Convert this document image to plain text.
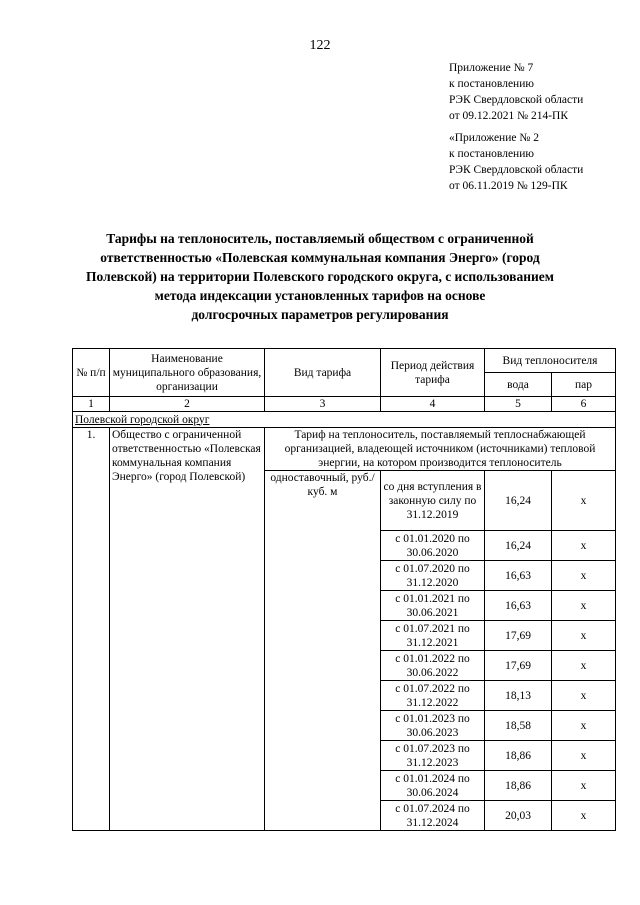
122
Приложение № 7
к постановлению
РЭК Свердловской области
от 09.12.2021 № 214-ПК
«Приложение № 2
к постановлению
РЭК Свердловской области
от 06.11.2019 № 129-ПК
Тарифы на теплоноситель, поставляемый обществом с ограниченной
ответственностью «Полевская коммунальная компания Энерго» (город
Полевской) на территории Полевского городского округа, с использованием
метода индексации установленных тарифов на основе
долгосрочных параметров регулирования
№ п/п	Наименование муниципального образования, организации	Вид тарифа	Период действия тарифа	Вид теплоносителя	
				вода	пар
1	2	3	4	5	6
Полевской городской округ					
1.	Общество с ограниченной ответственностью «Полевская коммунальная компания Энерго» (город Полевской)	Тариф на теплоноситель, поставляемый теплоснабжающей организацией, владеющей источником (источниками) тепловой энергии, на котором производится теплоноситель			
		одноставочный, руб./куб. м	со дня вступления в законную силу по 31.12.2019	16,24	х
			с 01.01.2020 по 30.06.2020	16,24	х
			с 01.07.2020 по 31.12.2020	16,63	х
			с 01.01.2021 по 30.06.2021	16,63	х
			с 01.07.2021 по 31.12.2021	17,69	х
			с 01.01.2022 по 30.06.2022	17,69	х
			с 01.07.2022 по 31.12.2022	18,13	х
			с 01.01.2023 по 30.06.2023	18,58	х
			с 01.07.2023 по 31.12.2023	18,86	х
			с 01.01.2024 по 30.06.2024	18,86	х
			с 01.07.2024 по 31.12.2024	20,03	х
